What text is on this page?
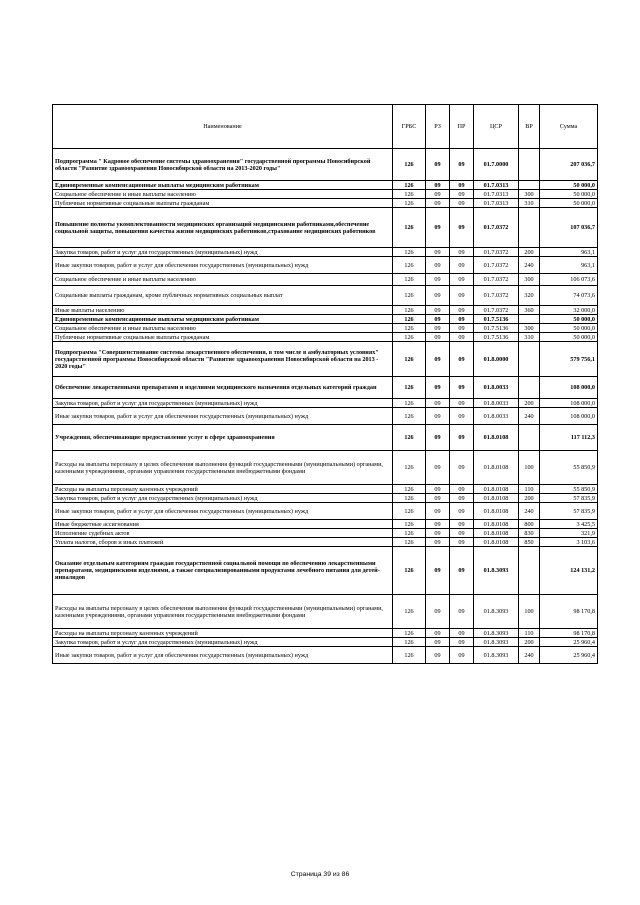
Наименование	ГРБС	РЗ	ПР	ЦСР	ВР	Сумма
Подпрограмма " Кадровое обеспечение системы здравоохранения" государственной программы Новосибирской области "Развитие здравоохранения Новосибирской области на 2013-2020 годы"	126	09	09	01.7.0000		207 036,7
Единовременные компенсационные выплаты медицинским работникам	126	09	09	01.7.0313		50 000,0
Социальное обеспечение и иные выплаты населению	126	09	09	01.7.0313	300	50 000,0
Публичные нормативные социальные выплаты гражданам	126	09	09	01.7.0313	310	50 000,0
Повышение полноты укомплектованности медицинских организаций медицинскими работниками,обеспечение социальной защиты, повышения качества жизни медицинских работников,страхование медицинских работников	126	09	09	01.7.0372		107 036,7
Закупка товаров, работ и услуг для государственных (муниципальных) нужд	126	09	09	01.7.0372	200	963,1
Иные закупки товаров, работ и услуг для обеспечения государственных (муниципальных) нужд	126	09	09	01.7.0372	240	963,1
Социальное обеспечение и иные выплаты населению	126	09	09	01.7.0372	300	106 073,6
Социальные выплаты гражданам, кроме публичных нормативных социальных выплат	126	09	09	01.7.0372	320	74 073,6
Иные выплаты населению	126	09	09	01.7.0372	360	32 000,0
Единовременные компенсационные выплаты медицинским работникам	126	09	09	01.7.5136		50 000,0
Социальное обеспечение и иные выплаты населению	126	09	09	01.7.5136	300	50 000,0
Публичные нормативные социальные выплаты гражданам	126	09	09	01.7.5136	310	50 000,0
Подпрограмма "Совершенствование системы лекарственного обеспечения, в том числе в амбулаторных условиях" государственной программы Новосибирской области "Развитие здравоохранения Новосибирской области на 2013 - 2020 годы"	126	09	09	01.8.0000		579 756,1
Обеспечение лекарственными препаратами и изделиями медицинского назначения отдельных категорий граждан	126	09	09	01.8.0033		108 000,0
Закупка товаров, работ и услуг для государственных (муниципальных) нужд	126	09	09	01.8.0033	200	108 000,0
Иные закупки товаров, работ и услуг для обеспечения государственных (муниципальных) нужд	126	09	09	01.8.0033	240	108 000,0
Учреждения, обеспечивающие предоставление услуг в сфере здравоохранения	126	09	09	01.8.0108		117 112,3
Расходы на выплаты персоналу в целях обеспечения выполнения функций государственными (муниципальными) органами, казенными учреждениями, органами управления государственными внебюджетными фондами	126	09	09	01.8.0108	100	55 850,9
Расходы на выплаты персоналу казенных учреждений	126	09	09	01.8.0108	110	55 850,9
Закупка товаров, работ и услуг для государственных (муниципальных) нужд	126	09	09	01.8.0108	200	57 835,9
Иные закупки товаров, работ и услуг для обеспечения государственных (муниципальных) нужд	126	09	09	01.8.0108	240	57 835,9
Иные бюджетные ассигнования	126	09	09	01.8.0108	800	3 425,5
Исполнение судебных актов	126	09	09	01.8.0108	830	321,9
Уплата налогов, сборов и иных платежей	126	09	09	01.8.0108	850	3 103,6
Оказание отдельным категориям граждан государственной социальной помощи по обеспечению лекарственными препаратами, медицинскими изделиями, а также специализированными продуктами лечебного питания для детей-инвалидов	126	09	09	01.8.3093		124 131,2
Расходы на выплаты персоналу в целях обеспечения выполнения функций государственными (муниципальными) органами, казенными учреждениями, органами управления государственными внебюджетными фондами	126	09	09	01.8.3093	100	98 170,8
Расходы на выплаты персоналу казенных учреждений	126	09	09	01.8.3093	110	98 170,8
Закупка товаров, работ и услуг для государственных (муниципальных) нужд	126	09	09	01.8.3093	200	25 960,4
Иные закупки товаров, работ и услуг для обеспечения государственных (муниципальных) нужд	126	09	09	01.8.3093	240	25 960,4
Страница 39 из 86
